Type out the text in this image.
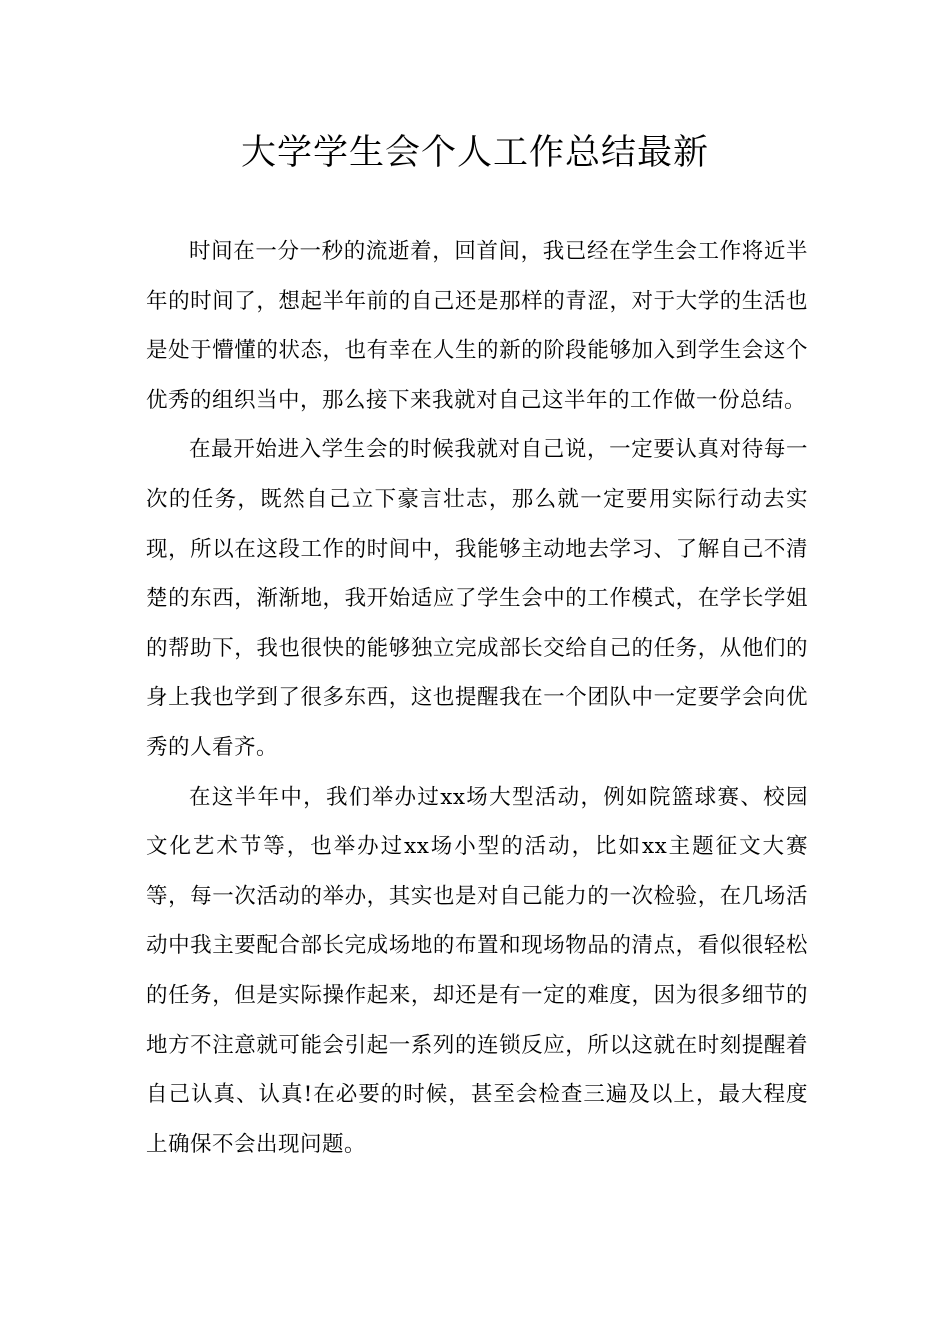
大学学生会个人工作总结最新

时间在一分一秒的流逝着，回首间，我已经在学生会工作将近半年的时间了，想起半年前的自己还是那样的青涩，对于大学的生活也是处于懵懂的状态，也有幸在人生的新的阶段能够加入到学生会这个优秀的组织当中，那么接下来我就对自己这半年的工作做一份总结。

在最开始进入学生会的时候我就对自己说，一定要认真对待每一次的任务，既然自己立下豪言壮志，那么就一定要用实际行动去实现，所以在这段工作的时间中，我能够主动地去学习、了解自己不清楚的东西，渐渐地，我开始适应了学生会中的工作模式，在学长学姐的帮助下，我也很快的能够独立完成部长交给自己的任务，从他们的身上我也学到了很多东西，这也提醒我在一个团队中一定要学会向优秀的人看齐。

在这半年中，我们举办过xx场大型活动，例如院篮球赛、校园文化艺术节等，也举办过xx场小型的活动，比如xx主题征文大赛等，每一次活动的举办，其实也是对自己能力的一次检验，在几场活动中我主要配合部长完成场地的布置和现场物品的清点，看似很轻松的任务，但是实际操作起来，却还是有一定的难度，因为很多细节的地方不注意就可能会引起一系列的连锁反应，所以这就在时刻提醒着自己认真、认真!在必要的时候，甚至会检查三遍及以上，最大程度上确保不会出现问题。
